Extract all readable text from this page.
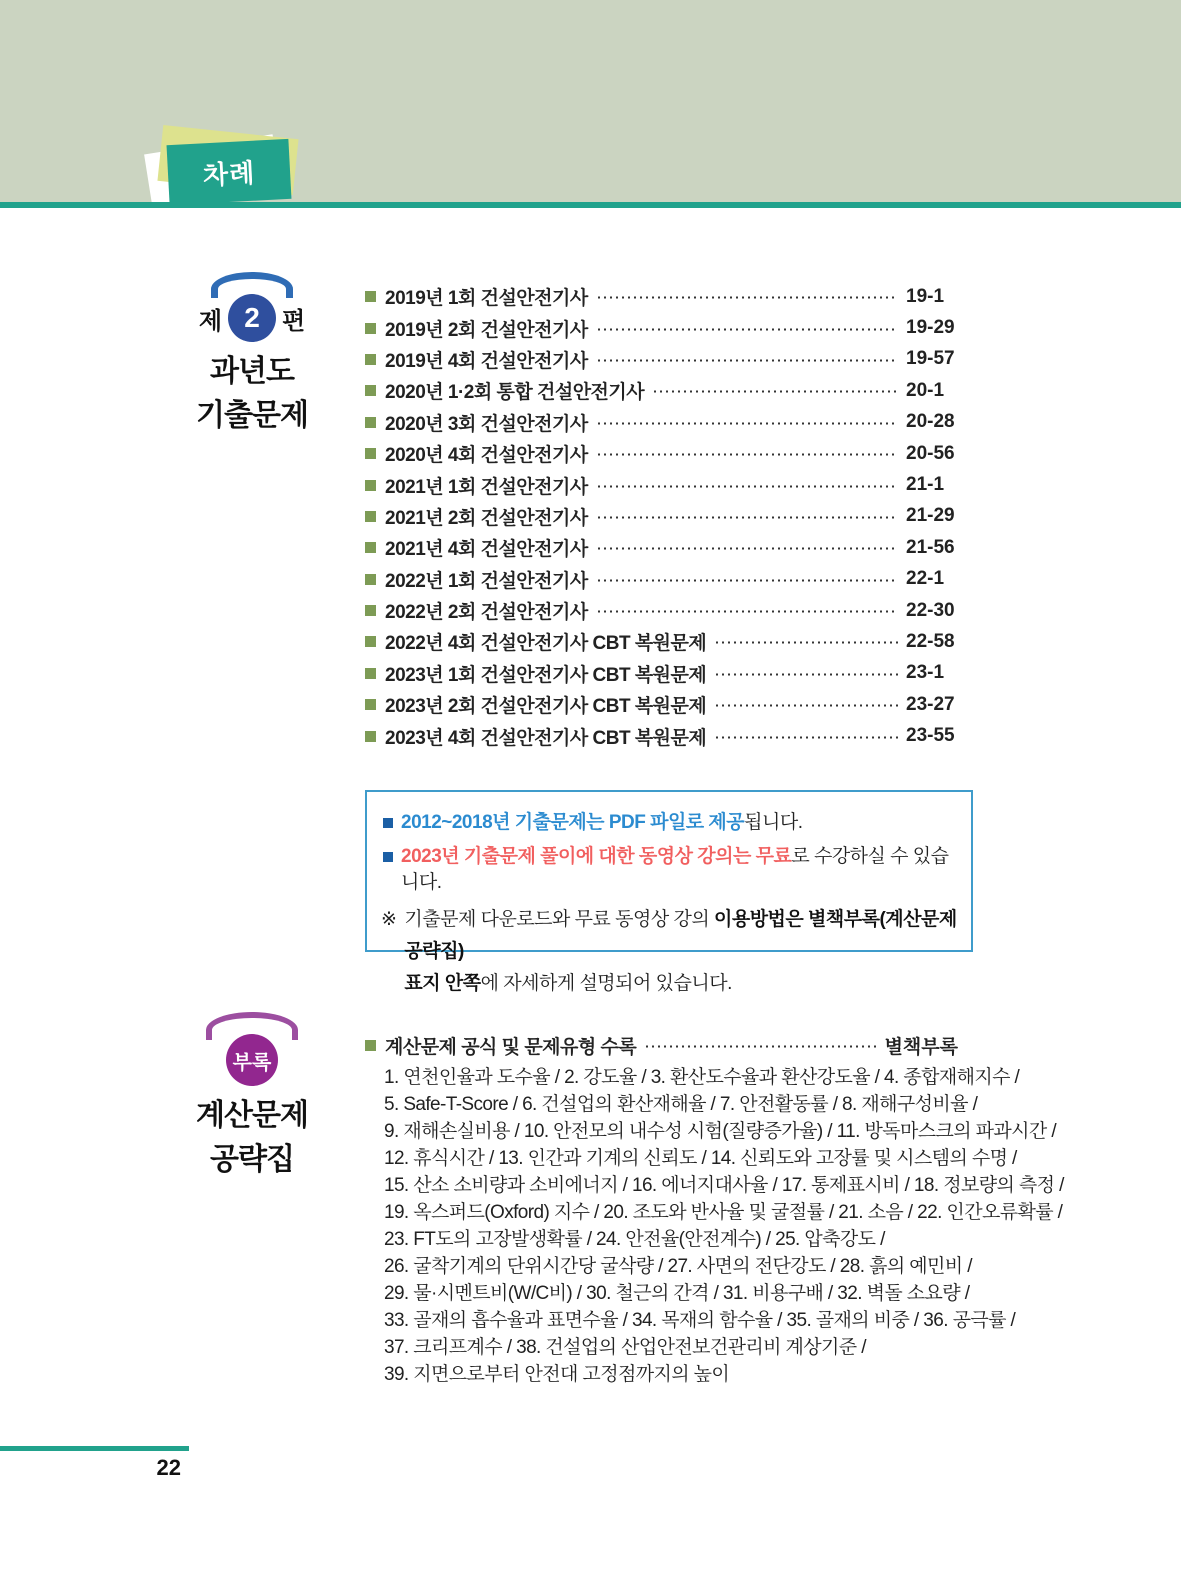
차례
제 2 편
과년도
기출문제
2019년 1회 건설안전기사	19-1
2019년 2회 건설안전기사	19-29
2019년 4회 건설안전기사	19-57
2020년 1·2회 통합 건설안전기사	20-1
2020년 3회 건설안전기사	20-28
2020년 4회 건설안전기사	20-56
2021년 1회 건설안전기사	21-1
2021년 2회 건설안전기사	21-29
2021년 4회 건설안전기사	21-56
2022년 1회 건설안전기사	22-1
2022년 2회 건설안전기사	22-30
2022년 4회 건설안전기사 CBT 복원문제	22-58
2023년 1회 건설안전기사 CBT 복원문제	23-1
2023년 2회 건설안전기사 CBT 복원문제	23-27
2023년 4회 건설안전기사 CBT 복원문제	23-55
2012~2018년 기출문제는 PDF 파일로 제공됩니다.
2023년 기출문제 풀이에 대한 동영상 강의는 무료로 수강하실 수 있습니다.
※ 기출문제 다운로드와 무료 동영상 강의 이용방법은 별책부록(계산문제 공략집)
표지 안쪽에 자세하게 설명되어 있습니다.
부록
계산문제
공략집
계산문제 공식 및 문제유형 수록	별책부록
1. 연천인율과 도수율 / 2. 강도율 / 3. 환산도수율과 환산강도율 / 4. 종합재해지수 /
5. Safe-T-Score / 6. 건설업의 환산재해율 / 7. 안전활동률 / 8. 재해구성비율 /
9. 재해손실비용 / 10. 안전모의 내수성 시험(질량증가율) / 11. 방독마스크의 파과시간 /
12. 휴식시간 / 13. 인간과 기계의 신뢰도 / 14. 신뢰도와 고장률 및 시스템의 수명 /
15. 산소 소비량과 소비에너지 / 16. 에너지대사율 / 17. 통제표시비 / 18. 정보량의 측정 /
19. 옥스퍼드(Oxford) 지수 / 20. 조도와 반사율 및 굴절률 / 21. 소음 / 22. 인간오류확률 /
23. FT도의 고장발생확률 / 24. 안전율(안전계수) / 25. 압축강도 /
26. 굴착기계의 단위시간당 굴삭량 / 27. 사면의 전단강도 / 28. 흙의 예민비 /
29. 물·시멘트비(W/C비) / 30. 철근의 간격 / 31. 비용구배 / 32. 벽돌 소요량 /
33. 골재의 흡수율과 표면수율 / 34. 목재의 함수율 / 35. 골재의 비중 / 36. 공극률 /
37. 크리프계수 / 38. 건설업의 산업안전보건관리비 계상기준 /
39. 지면으로부터 안전대 고정점까지의 높이
22
